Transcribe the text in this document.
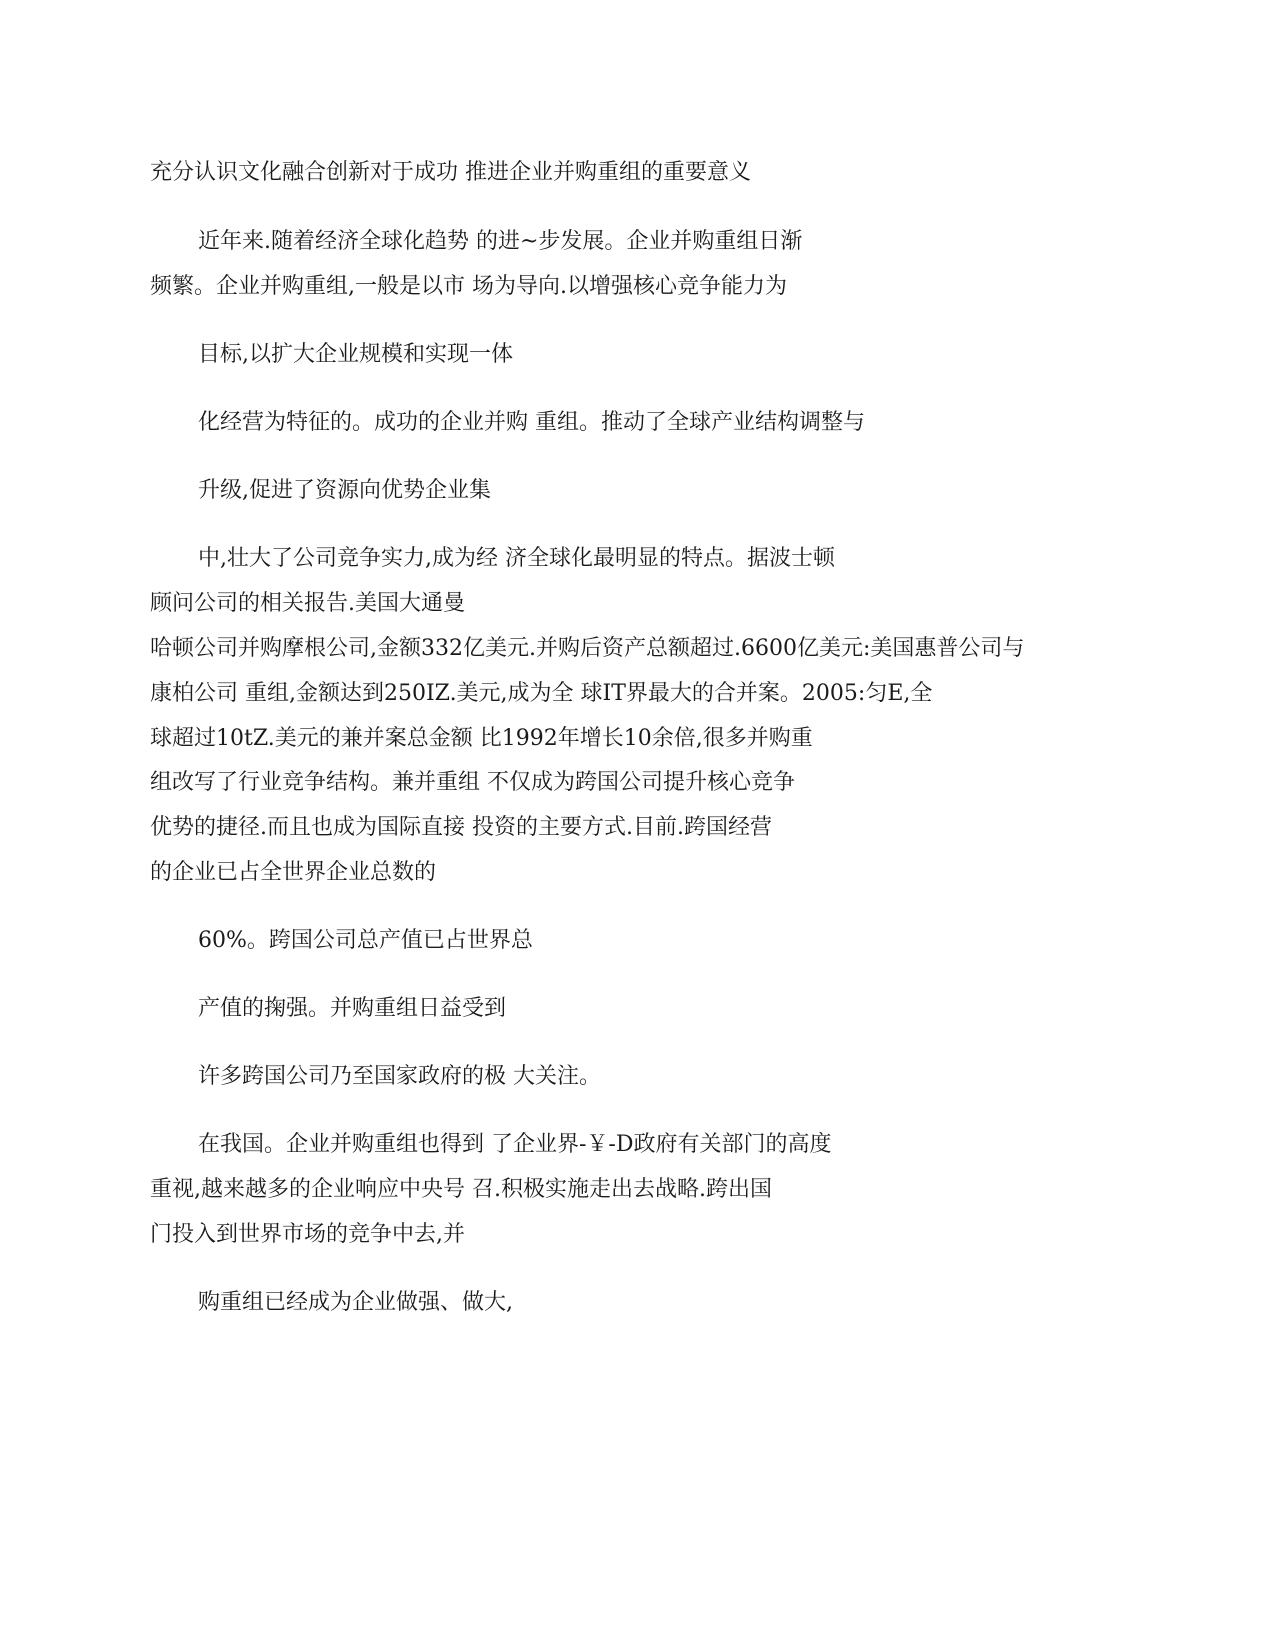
充分认识文化融合创新对于成功 推进企业并购重组的重要意义

近年来.随着经济全球化趋势 的进~步发展。企业并购重组日渐

频繁。企业并购重组,一般是以市 场为导向.以增强核心竞争能力为

目标,以扩大企业规模和实现一体

化经营为特征的。成功的企业并购 重组。推动了全球产业结构调整与

升级,促进了资源向优势企业集

中,壮大了公司竞争实力,成为经 济全球化最明显的特点。据波士顿

顾问公司的相关报告.美国大通曼

哈顿公司并购摩根公司,金额332亿美元.并购后资产总额超过.6600亿美元:美国惠普公司与

康柏公司 重组,金额达到250IZ.美元,成为全 球IT界最大的合并案。2005:匀E,全

球超过10tZ.美元的兼并案总金额 比1992年增长10余倍,很多并购重

组改写了行业竞争结构。兼并重组 不仅成为跨国公司提升核心竞争

优势的捷径.而且也成为国际直接 投资的主要方式.目前.跨国经营

的企业已占全世界企业总数的

60%。跨国公司总产值已占世界总

产值的掬强。并购重组日益受到

许多跨国公司乃至国家政府的极 大关注。

在我国。企业并购重组也得到 了企业界-￥-D政府有关部门的高度

重视,越来越多的企业响应中央号 召.积极实施走出去战略.跨出国

门投入到世界市场的竞争中去,并

购重组已经成为企业做强、做大,
